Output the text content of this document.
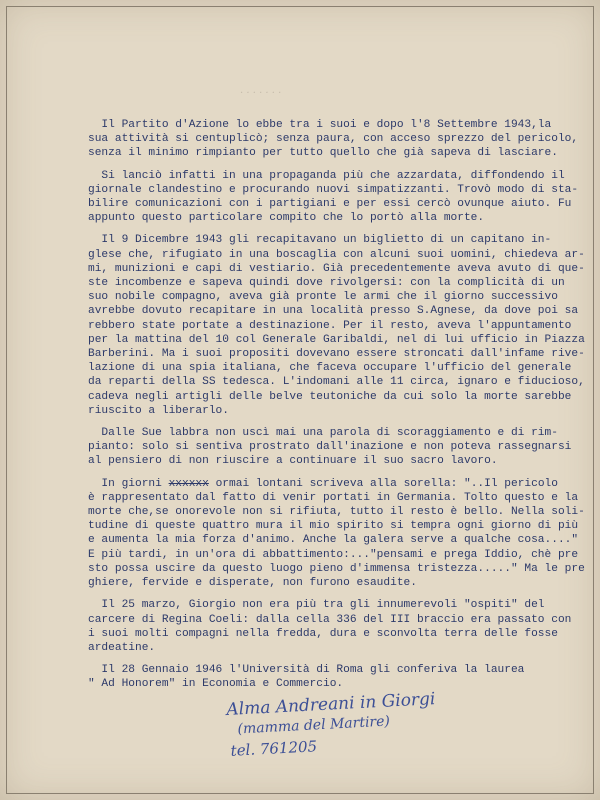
· · · · · · ·
Il Partito d'Azione lo ebbe tra i suoi e dopo l'8 Settembre 1943,la
sua attività si centuplicò; senza paura, con acceso sprezzo del pericolo,
senza il minimo rimpianto per tutto quello che già sapeva di lasciare.
Si lanciò infatti in una propaganda più che azzardata, diffondendo il
giornale clandestino e procurando nuovi simpatizzanti. Trovò modo di sta-
bilire comunicazioni con i partigiani e per essi cercò ovunque aiuto. Fu
appunto questo particolare compito che lo portò alla morte.
Il 9 Dicembre 1943 gli recapitavano un biglietto di un capitano in-
glese che, rifugiato in una boscaglia con alcuni suoi uomini, chiedeva ar-
mi, munizioni e capi di vestiario. Già precedentemente aveva avuto di que-
ste incombenze e sapeva quindi dove rivolgersi: con la complicità di un
suo nobile compagno, aveva già pronte le armi che il giorno successivo
avrebbe dovuto recapitare in una località presso S.Agnese, da dove poi sa
rebbero state portate a destinazione. Per il resto, aveva l'appuntamento
per la mattina del 10 col Generale Garibaldi, nel di lui ufficio in Piazza
Barberini. Ma i suoi propositi dovevano essere stroncati dall'infame rive-
lazione di una spia italiana, che faceva occupare l'ufficio del generale
da reparti della SS tedesca. L'indomani alle 11 circa, ignaro e fiducioso,
cadeva negli artigli delle belve teutoniche da cui solo la morte sarebbe
riuscito a liberarlo.
Dalle Sue labbra non uscì mai una parola di scoraggiamento e di rim-
pianto: solo si sentiva prostrato dall'inazione e non poteva rassegnarsi
al pensiero di non riuscire a continuare il suo sacro lavoro.
In giorni xxxxxx ormai lontani scriveva alla sorella: "..Il pericolo
è rappresentato dal fatto di venir portati in Germania. Tolto questo e la
morte che,se onorevole non si rifiuta, tutto il resto è bello. Nella soli-
tudine di queste quattro mura il mio spirito si tempra ogni giorno di più
e aumenta la mia forza d'animo. Anche la galera serve a qualche cosa...."
E più tardi, in un'ora di abbattimento:..."pensami e prega Iddio, chè pre
sto possa uscire da questo luogo pieno d'immensa tristezza....." Ma le pre
ghiere, fervide e disperate, non furono esaudite.
Il 25 marzo, Giorgio non era più tra gli innumerevoli "ospiti" del
carcere di Regina Coeli: dalla cella 336 del III braccio era passato con
i suoi molti compagni nella fredda, dura e sconvolta terra delle fosse
ardeatine.
Il 28 Gennaio 1946 l'Università di Roma gli conferiva la laurea
" Ad Honorem" in Economia e Commercio.
Alma Andreani in Giorgi
(mamma del Martire)
tel. 761205
